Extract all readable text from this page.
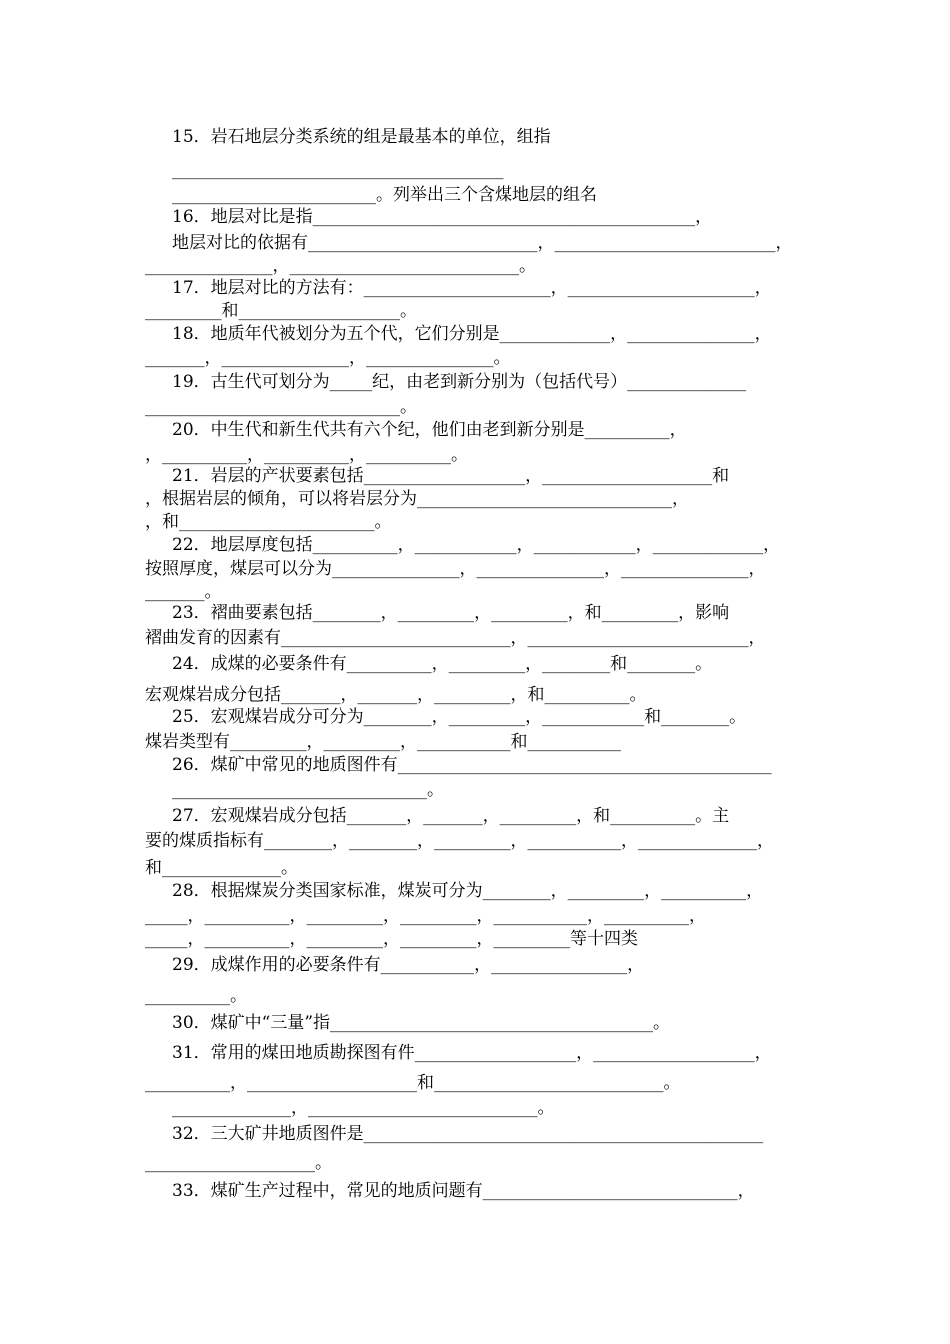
15．岩石地层分类系统的组是最基本的单位，组指
_______________________________________
________________________。列举出三个含煤地层的组名
16．地层对比是指_____________________________________________，
地层对比的依据有___________________________，__________________________，
_______________，___________________________。
17．地层对比的方法有：______________________，______________________，
_________和___________________。
18．地质年代被划分为五个代，它们分别是_____________，_______________，
_______，_______________，_______________。
19．古生代可划分为_____纪，由老到新分别为（包括代号）______________
______________________________。
20．中生代和新生代共有六个纪，他们由老到新分别是__________，
，__________，__________，__________。
21．岩层的产状要素包括___________________，____________________和
，根据岩层的倾角，可以将岩层分为______________________________，
，和_______________________。
22．地层厚度包括__________，____________，____________，_____________，
按照厚度，煤层可以分为_______________，_______________，_______________，
_______。
23．褶曲要素包括________，_________，_________，和_________，影响
褶曲发育的因素有___________________________，__________________________，
24．成煤的必要条件有__________，_________，________和________。
宏观煤岩成分包括_______，_______，_________，和__________。
25．宏观煤岩成分可分为________，_________，____________和________。
煤岩类型有_________，_________，___________和___________
26．煤矿中常见的地质图件有____________________________________________
______________________________。
27．宏观煤岩成分包括_______，_______，_________，和__________。主
要的煤质指标有________，________，_________，___________，______________，
和______________。
28．根据煤炭分类国家标准，煤炭可分为________，_________，__________，
_____，__________，_________，_________，___________，__________，
_____，__________，_________，_________，_________等十四类
29．成煤作用的必要条件有___________，________________，
__________。
30．煤矿中“三量”指______________________________________。
31．常用的煤田地质勘探图有件___________________，___________________，
__________，____________________和___________________________。
______________，___________________________。
32．三大矿井地质图件是_______________________________________________
____________________。
33．煤矿生产过程中，常见的地质问题有______________________________，
